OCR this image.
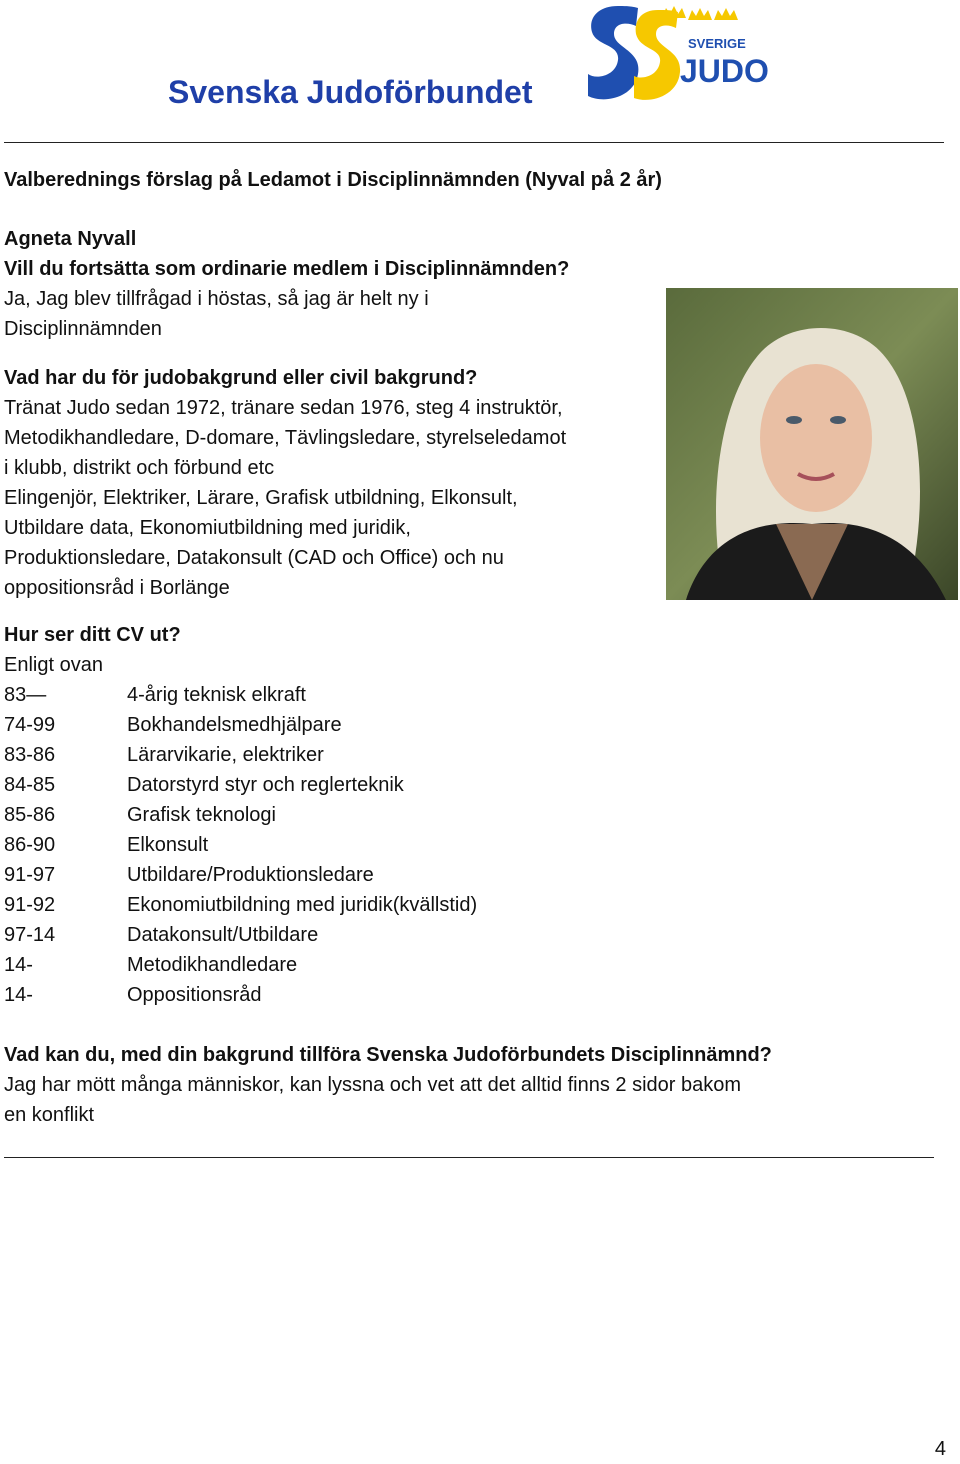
Svenska Judoförbundet
SVERIGE
JUDO
Valberednings förslag på Ledamot i Disciplinnämnden (Nyval på 2 år)
Agneta Nyvall
Vill du fortsätta som ordinarie medlem i Disciplinnämnden?
Ja, Jag blev tillfrågad i höstas, så jag är helt ny i
Disciplinnämnden
Vad har du för judobakgrund eller civil bakgrund?
Tränat Judo sedan 1972, tränare sedan 1976, steg 4 instruktör,
Metodikhandledare, D-domare, Tävlingsledare, styrelseledamot
i klubb, distrikt och förbund etc
Elingenjör, Elektriker, Lärare, Grafisk utbildning, Elkonsult,
Utbildare data, Ekonomiutbildning med juridik,
Produktionsledare, Datakonsult (CAD och Office) och nu
oppositionsråd i Borlänge
Hur ser ditt CV ut?
Enligt ovan
83—	4-årig teknisk elkraft
74-99	Bokhandelsmedhjälpare
83-86	Lärarvikarie, elektriker
84-85	Datorstyrd styr och reglerteknik
85-86	Grafisk teknologi
86-90	Elkonsult
91-97	Utbildare/Produktionsledare
91-92	Ekonomiutbildning med juridik(kvällstid)
97-14	Datakonsult/Utbildare
14-	Metodikhandledare
14-	Oppositionsråd
Vad kan du, med din bakgrund tillföra Svenska Judoförbundets Disciplinnämnd?
Jag har mött många människor, kan lyssna och vet att det alltid finns 2 sidor bakom
en konflikt
4
